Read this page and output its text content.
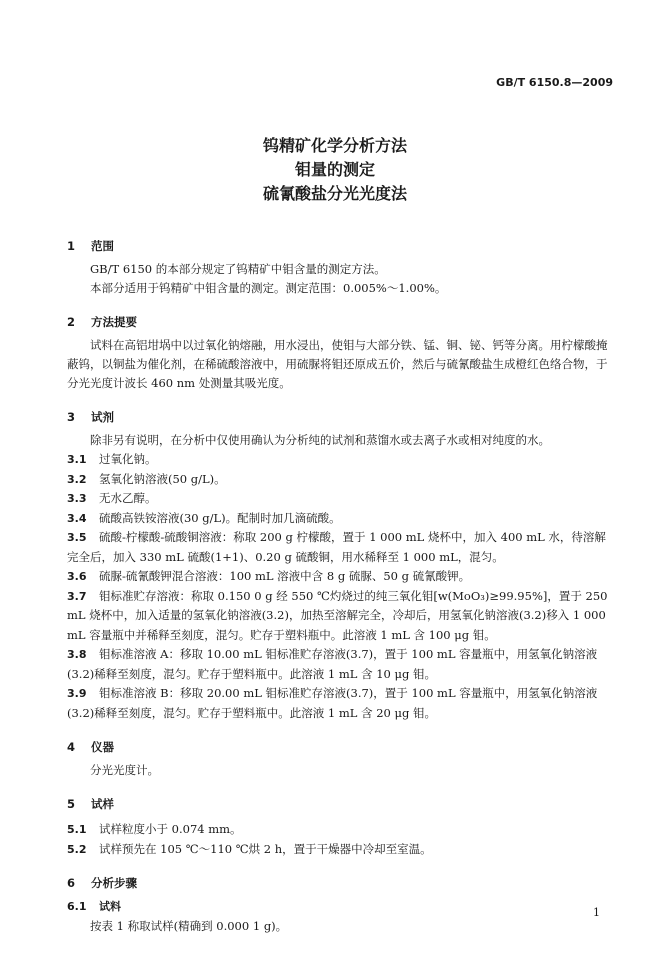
GB/T 6150.8—2009
钨精矿化学分析方法
钼量的测定
硫氰酸盐分光光度法
1 范围

GB/T 6150 的本部分规定了钨精矿中钼含量的测定方法。

本部分适用于钨精矿中钼含量的测定。测定范围：0.005%～1.00%。

2 方法提要

试料在高铝坩埚中以过氧化钠熔融，用水浸出，使钼与大部分铁、锰、铜、铋、钙等分离。用柠檬酸掩蔽钨，以铜盐为催化剂，在稀硫酸溶液中，用硫脲将钼还原成五价，然后与硫氰酸盐生成橙红色络合物，于分光光度计波长 460 nm 处测量其吸光度。

3 试剂

除非另有说明，在分析中仅使用确认为分析纯的试剂和蒸馏水或去离子水或相对纯度的水。

3.1 过氧化钠。

3.2 氢氧化钠溶液(50 g/L)。

3.3 无水乙醇。

3.4 硫酸高铁铵溶液(30 g/L)。配制时加几滴硫酸。

3.5 硫酸-柠檬酸-硫酸铜溶液：称取 200 g 柠檬酸，置于 1 000 mL 烧杯中，加入 400 mL 水，待溶解完全后，加入 330 mL 硫酸(1+1)、0.20 g 硫酸铜，用水稀释至 1 000 mL，混匀。

3.6 硫脲-硫氰酸钾混合溶液：100 mL 溶液中含 8 g 硫脲、50 g 硫氰酸钾。

3.7 钼标准贮存溶液：称取 0.150 0 g 经 550 ℃灼烧过的纯三氧化钼[w(MoO₃)≥99.95%]，置于 250 mL 烧杯中，加入适量的氢氧化钠溶液(3.2)，加热至溶解完全，冷却后，用氢氧化钠溶液(3.2)移入 1 000 mL 容量瓶中并稀释至刻度，混匀。贮存于塑料瓶中。此溶液 1 mL 含 100 μg 钼。

3.8 钼标准溶液 A：移取 10.00 mL 钼标准贮存溶液(3.7)，置于 100 mL 容量瓶中，用氢氧化钠溶液(3.2)稀释至刻度，混匀。贮存于塑料瓶中。此溶液 1 mL 含 10 μg 钼。

3.9 钼标准溶液 B：移取 20.00 mL 钼标准贮存溶液(3.7)，置于 100 mL 容量瓶中，用氢氧化钠溶液(3.2)稀释至刻度，混匀。贮存于塑料瓶中。此溶液 1 mL 含 20 μg 钼。

4 仪器

分光光度计。

5 试样

5.1 试样粒度小于 0.074 mm。

5.2 试样预先在 105 ℃～110 ℃烘 2 h，置于干燥器中冷却至室温。

6 分析步骤
6.1 试料

按表 1 称取试样(精确到 0.000 1 g)。

1
